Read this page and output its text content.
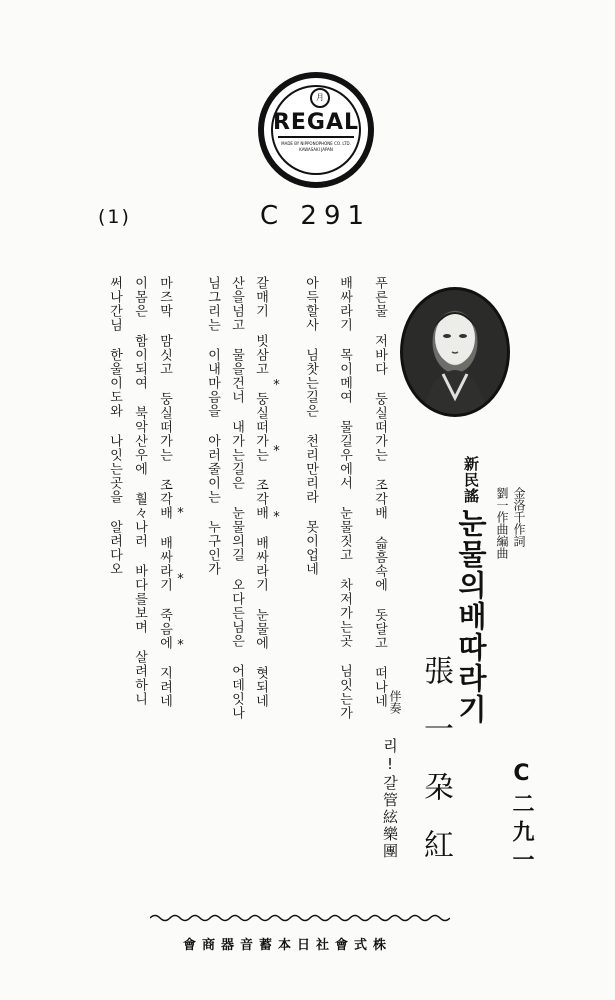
月
REGAL
MADE BY NIPPONOPHONE CO. LTD.
KAWASAKI JAPAN
(1)	C 291
新民謠
金洛千作詞
劉一作曲編曲
눈물의배따라기
張一朶紅
伴奏
리!갈管絃樂團	C二九一
푸른물 저바다 둥실떠가는 조각배 슯흠속에 돗달고 떠나네
배싸라기 목이메여 물길우에서 눈물짓고 차저가는곳 님잇는가
아득할사 님찻는길은 천리만리라 못이업네
* * *
갈매기 빗삼고 둥실떠가는 조각배 배싸라기 눈물에 혓되네
산을넘고 물을건너 내가는길은 눈물의길 오다든님은 어데잇나
님그리는 이내마음을 아러줄이는 누구인가
* * *
마즈막 맘싯고 둥실떠가는 조각배 배싸라기 죽음에 지려네
이몸은 함이되여 북악산우에 훨々나러 바다를보며 살려하니
써나간님 한울이도와 나잇는곳을 알려다오
株式會社日本蓄音器商會
